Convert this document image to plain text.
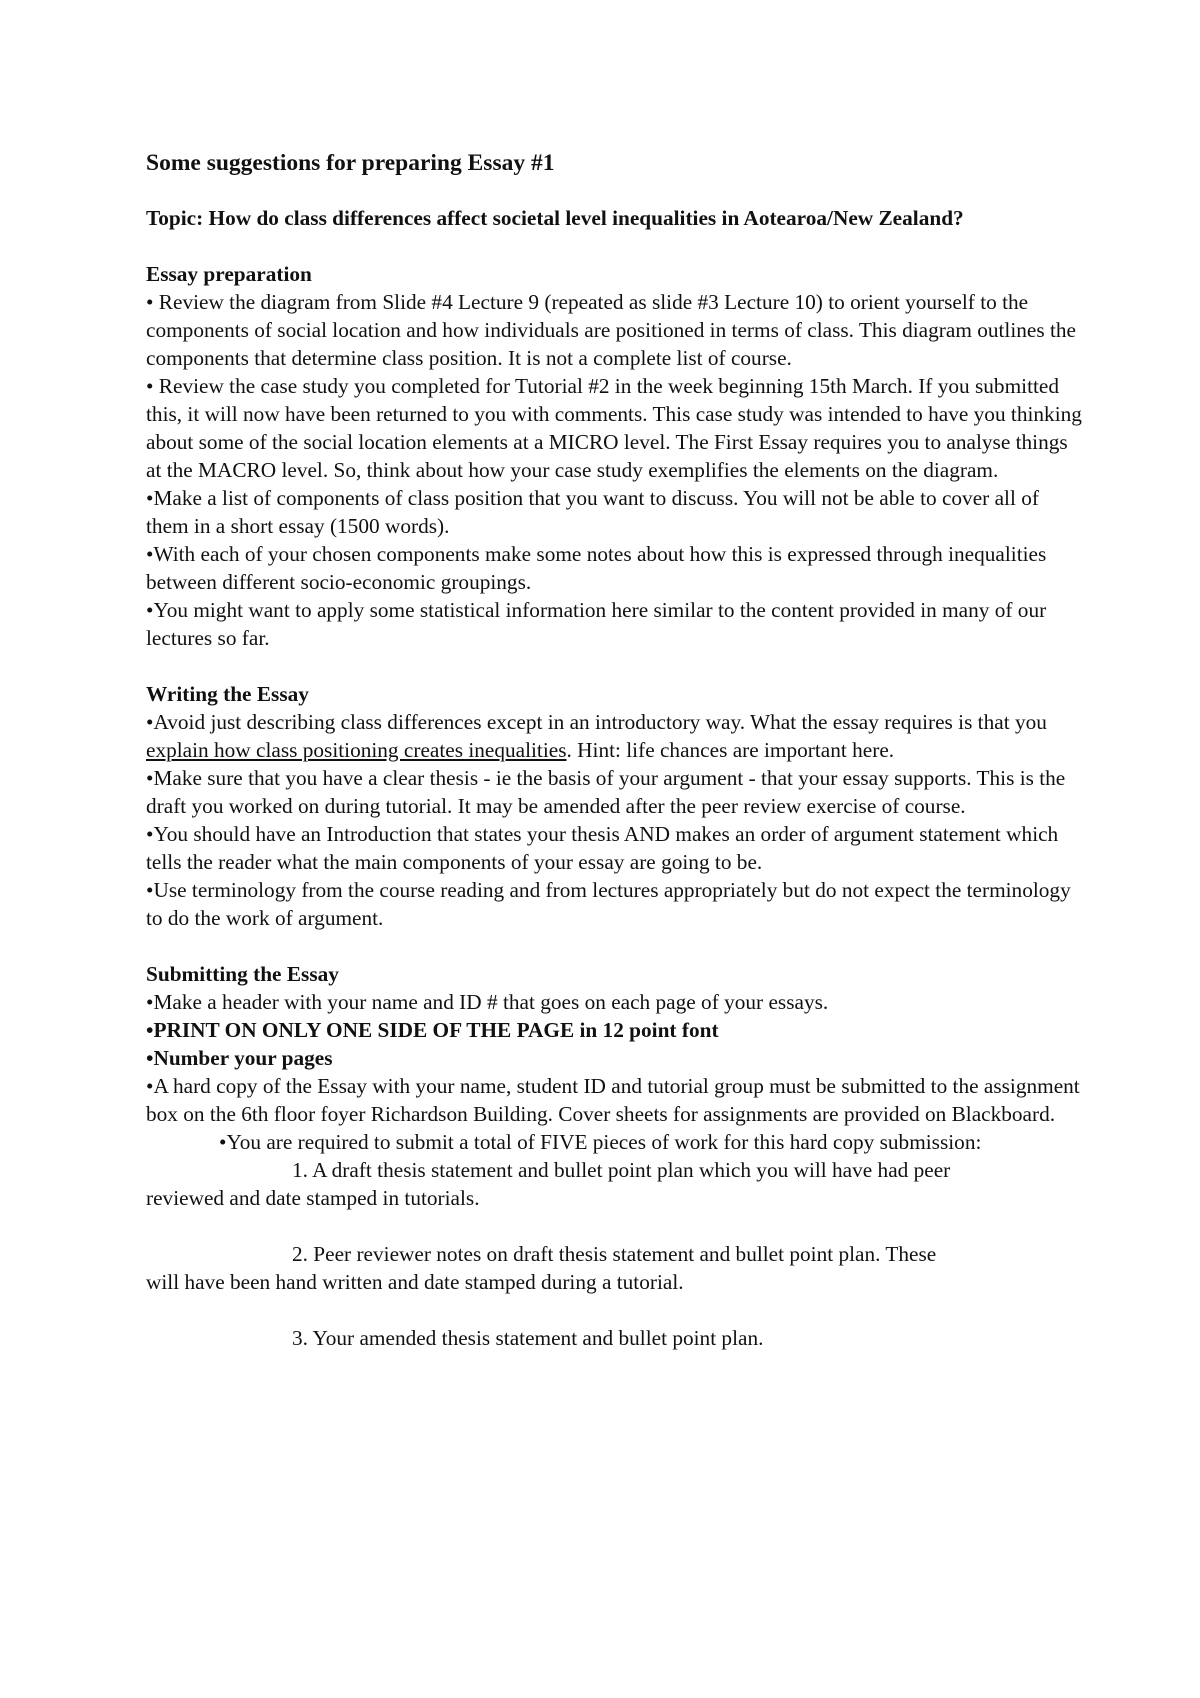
Some suggestions for preparing Essay #1
Topic: How do class differences affect societal level inequalities in Aotearoa/New Zealand?
Essay preparation
• Review the diagram from Slide #4 Lecture 9 (repeated as slide #3 Lecture 10) to orient yourself to the components of social location and how individuals are positioned in terms of class. This diagram outlines the components that determine class position. It is not a complete list of course.
• Review the case study you completed for Tutorial #2 in the week beginning 15th March. If you submitted this, it will now have been returned to you with comments. This case study was intended to have you thinking about some of the social location elements at a MICRO level. The First Essay requires you to analyse things at the MACRO level. So, think about how your case study exemplifies the elements on the diagram.
•Make a list of components of class position that you want to discuss. You will not be able to cover all of them in a short essay (1500 words).
•With each of your chosen components make some notes about how this is expressed through inequalities between different socio-economic groupings.
•You might want to apply some statistical information here similar to the content provided in many of our lectures so far.
Writing the Essay
•Avoid just describing class differences except in an introductory way. What the essay requires is that you explain how class positioning creates inequalities. Hint: life chances are important here.
•Make sure that you have a clear thesis - ie the basis of your argument - that your essay supports. This is the draft you worked on during tutorial. It may be amended after the peer review exercise of course.
•You should have an Introduction that states your thesis AND makes an order of argument statement which tells the reader what the main components of your essay are going to be.
•Use terminology from the course reading and from lectures appropriately but do not expect the terminology to do the work of argument.
Submitting the Essay
•Make a header with your name and ID # that goes on each page of your essays.
•PRINT ON ONLY ONE SIDE OF THE PAGE in 12 point font
•Number your pages
•A hard copy of the Essay with your name, student ID and tutorial group must be submitted to the assignment box on the 6th floor foyer Richardson Building. Cover sheets for assignments are provided on Blackboard.
•You are required to submit a total of FIVE pieces of work for this hard copy submission:
1. A draft thesis statement and bullet point plan which you will have had peer
reviewed and date stamped in tutorials.
2. Peer reviewer notes on draft thesis statement and bullet point plan. These
will have been hand written and date stamped during a tutorial.
3. Your amended thesis statement and bullet point plan.
